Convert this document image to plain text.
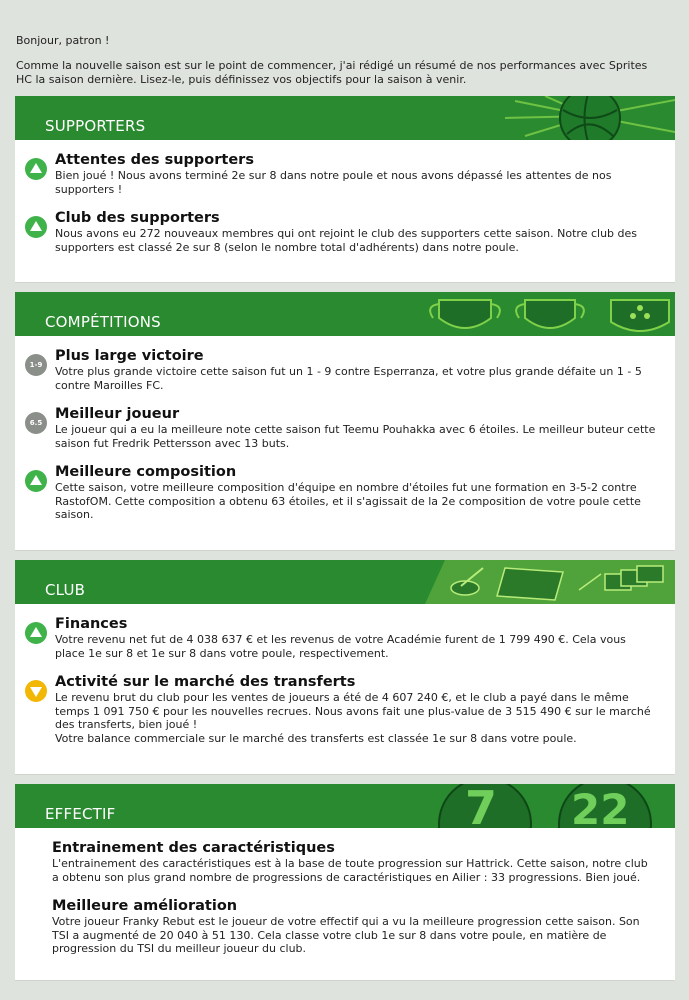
Bonjour, patron !

Comme la nouvelle saison est sur le point de commencer, j'ai rédigé un résumé de nos performances avec Sprites HC la saison dernière. Lisez-le, puis définissez vos objectifs pour la saison à venir.

SUPPORTERS
Attentes des supporters
Bien joué ! Nous avons terminé 2e sur 8 dans notre poule et nous avons dépassé les attentes de nos supporters !
Club des supporters
Nous avons eu 272 nouveaux membres qui ont rejoint le club des supporters cette saison. Notre club des supporters est classé 2e sur 8 (selon le nombre total d'adhérents) dans notre poule.
COMPÉTITIONS
1-9
Plus large victoire
Votre plus grande victoire cette saison fut un 1 - 9 contre Esperranza, et votre plus grande défaite un 1 - 5 contre Maroilles FC.
6.5
Meilleur joueur
Le joueur qui a eu la meilleure note cette saison fut Teemu Pouhakka avec 6 étoiles. Le meilleur buteur cette saison fut Fredrik Pettersson avec 13 buts.
Meilleure composition
Cette saison, votre meilleure composition d'équipe en nombre d'étoiles fut une formation en 3-5-2 contre RastofOM. Cette composition a obtenu 63 étoiles, et il s'agissait de la 2e composition de votre poule cette saison.
CLUB
Finances
Votre revenu net fut de 4 038 637 € et les revenus de votre Académie furent de 1 799 490 €. Cela vous place 1e sur 8 et 1e sur 8 dans votre poule, respectivement.
Activité sur le marché des transferts
Le revenu brut du club pour les ventes de joueurs a été de 4 607 240 €, et le club a payé dans le même temps 1 091 750 € pour les nouvelles recrues. Nous avons fait une plus-value de 3 515 490 € sur le marché des transferts, bien joué !
Votre balance commerciale sur le marché des transferts est classée 1e sur 8 dans votre poule.
7 22
EFFECTIF
Entrainement des caractéristiques
L'entrainement des caractéristiques est à la base de toute progression sur Hattrick. Cette saison, notre club a obtenu son plus grand nombre de progressions de caractéristiques en Ailier : 33 progressions. Bien joué.
Meilleure amélioration
Votre joueur Franky Rebut est le joueur de votre effectif qui a vu la meilleure progression cette saison. Son TSI a augmenté de 20 040 à 51 130. Cela classe votre club 1e sur 8 dans votre poule, en matière de progression du TSI du meilleur joueur du club.
